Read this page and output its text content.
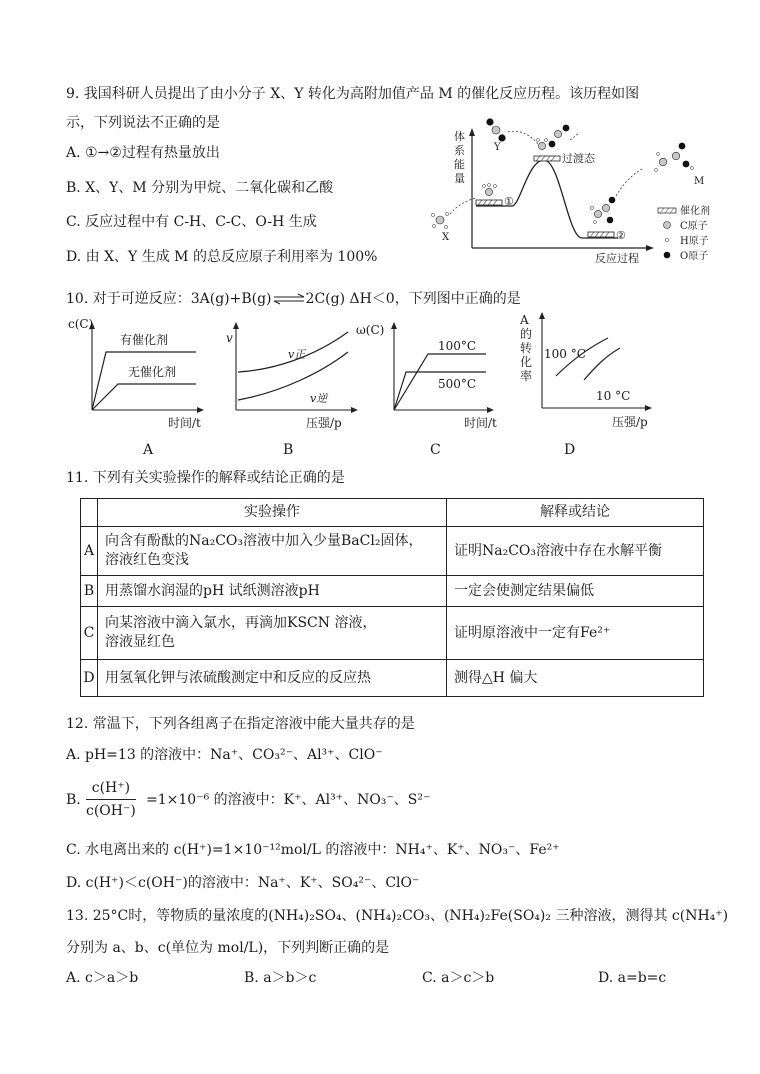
9. 我国科研人员提出了由小分子 X、Y 转化为高附加值产品 M 的催化反应历程。该历程如图
示，下列说法不正确的是
A. ①→②过程有热量放出
B. X、Y、M 分别为甲烷、二氧化碳和乙酸
C. 反应过程中有 C-H、C-C、O-H 生成
D. 由 X、Y 生成 M 的总反应原子利用率为 100%
体
系
能
量
反应过程
①
②
过渡态
X
Y
M
催化剂
C原子
H原子
O原子
10. 对于可逆反应：3A(g)+B(g)⇌2C(g) ΔH＜0，下列图中正确的是
c(C)
时间/t
有催化剂
无催化剂
A
v
压强/p
v正
v逆
B
ω(C)
时间/t
100°C
500°C
C
A
的
转
化
率
压强/p
100 °C
10 °C
D
11. 下列有关实验操作的解释或结论正确的是
	实验操作	解释或结论
A	向含有酚酞的Na₂CO₃溶液中加入少量BaCl₂固体，
溶液红色变浅	证明Na₂CO₃溶液中存在水解平衡
B	用蒸馏水润湿的pH 试纸测溶液pH	一定会使测定结果偏低
C	向某溶液中滴入氯水，再滴加KSCN 溶液，
溶液显红色	证明原溶液中一定有Fe²⁺
D	用氢氧化钾与浓硫酸测定中和反应的反应热	测得△H 偏大
12. 常温下，下列各组离子在指定溶液中能大量共存的是
A. pH=13 的溶液中：Na⁺、CO₃²⁻、Al³⁺、ClO⁻
B. $\frac{c(H^+)}{c(OH^-)} =1\times 10^{-6}$ 的溶液中：K⁺、Al³⁺、NO₃⁻、S²⁻
C. 水电离出来的 c(H⁺)=1×10⁻¹²mol/L 的溶液中：NH₄⁺、K⁺、NO₃⁻、Fe²⁺
D. c(H⁺)＜c(OH⁻)的溶液中：Na⁺、K⁺、SO₄²⁻、ClO⁻
13. 25°C时，等物质的量浓度的(NH₄)₂SO₄、(NH₄)₂CO₃、(NH₄)₂Fe(SO₄)₂ 三种溶液，测得其 c(NH₄⁺)
分别为 a、b、c(单位为 mol/L)，下列判断正确的是
A. c＞a＞b	B. a＞b＞c	C. a＞c＞b	D. a=b=c
